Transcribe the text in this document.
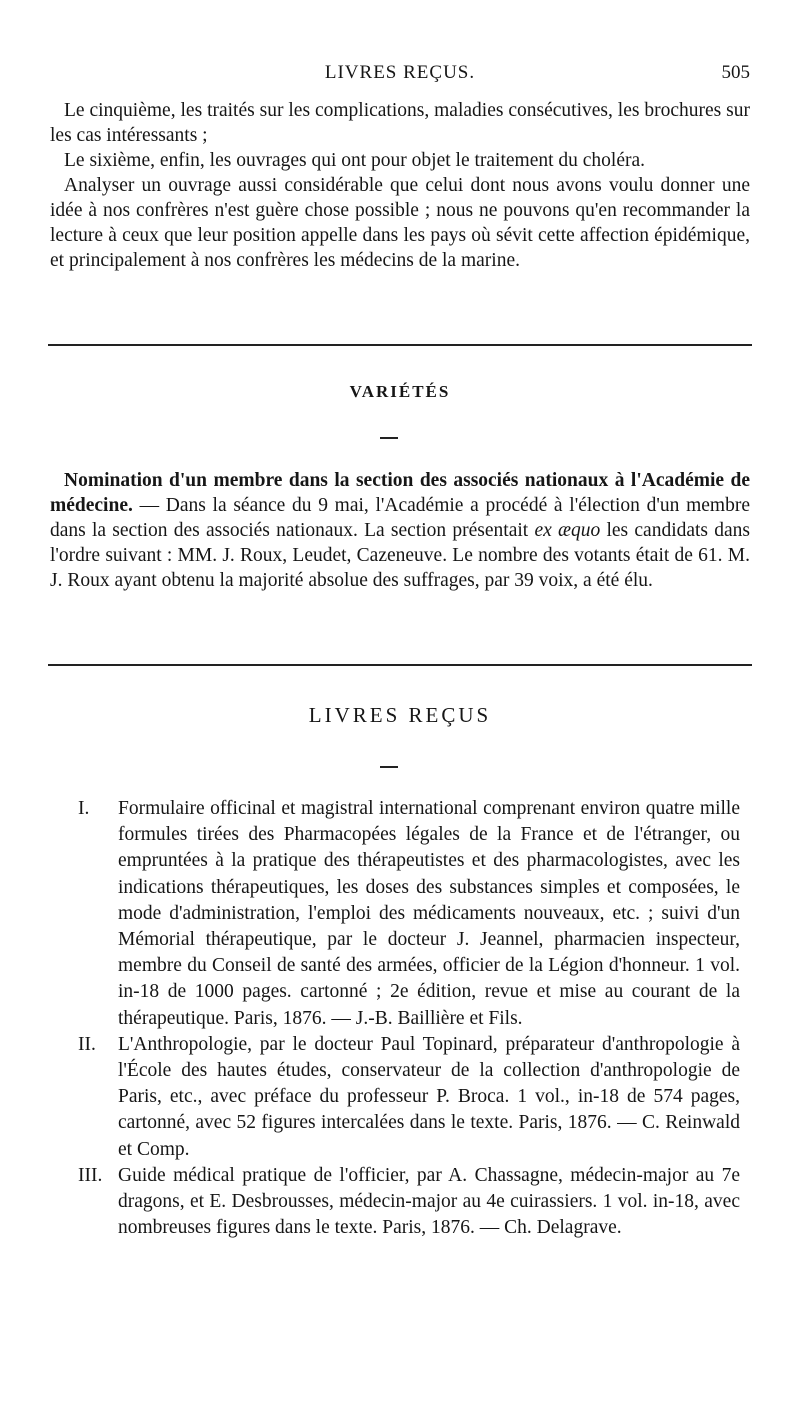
LIVRES REÇUS.	505

Le cinquième, les traités sur les complications, maladies consécutives, les brochures sur les cas intéressants ;

Le sixième, enfin, les ouvrages qui ont pour objet le traitement du choléra.

Analyser un ouvrage aussi considérable que celui dont nous avons voulu donner une idée à nos confrères n'est guère chose possible ; nous ne pouvons qu'en recommander la lecture à ceux que leur position appelle dans les pays où sévit cette affection épidémique, et principalement à nos confrères les médecins de la marine.

VARIÉTÉS

Nomination d'un membre dans la section des associés nationaux à l'Académie de médecine. — Dans la séance du 9 mai, l'Académie a procédé à l'élection d'un membre dans la section des associés nationaux. La section présentait ex æquo les candidats dans l'ordre suivant : MM. J. Roux, Leudet, Cazeneuve. Le nombre des votants était de 61. M. J. Roux ayant obtenu la majorité absolue des suffrages, par 39 voix, a été élu.

LIVRES REÇUS

I. Formulaire officinal et magistral international comprenant environ quatre mille formules tirées des Pharmacopées légales de la France et de l'étranger, ou empruntées à la pratique des thérapeutistes et des pharmacologistes, avec les indications thérapeutiques, les doses des substances simples et composées, le mode d'administration, l'emploi des médicaments nouveaux, etc. ; suivi d'un Mémorial thérapeutique, par le docteur J. Jeannel, pharmacien inspecteur, membre du Conseil de santé des armées, officier de la Légion d'honneur. 1 vol. in-18 de 1000 pages. cartonné ; 2e édition, revue et mise au courant de la thérapeutique. Paris, 1876. — J.-B. Baillière et Fils.

II. L'Anthropologie, par le docteur Paul Topinard, préparateur d'anthropologie à l'École des hautes études, conservateur de la collection d'anthropologie de Paris, etc., avec préface du professeur P. Broca. 1 vol., in-18 de 574 pages, cartonné, avec 52 figures intercalées dans le texte. Paris, 1876. — C. Reinwald et Comp.

III. Guide médical pratique de l'officier, par A. Chassagne, médecin-major au 7e dragons, et E. Desbrousses, médecin-major au 4e cuirassiers. 1 vol. in-18, avec nombreuses figures dans le texte. Paris, 1876. — Ch. Delagrave.
